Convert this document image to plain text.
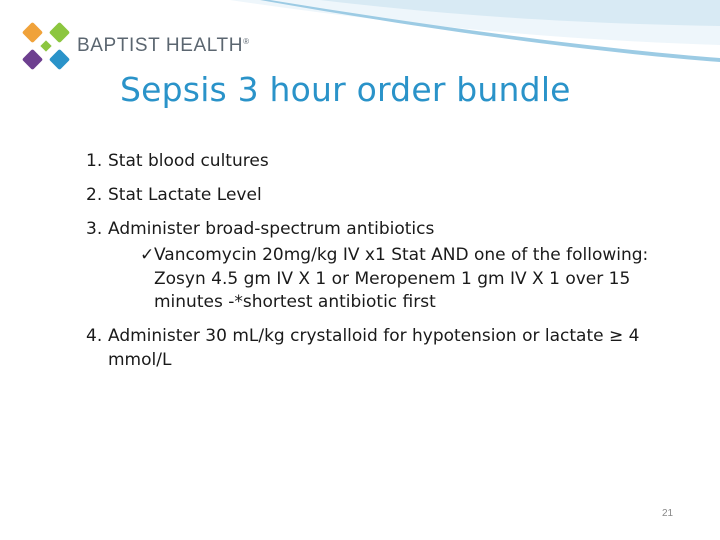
BAPTIST HEALTH®
Sepsis 3 hour order bundle
1. Stat blood cultures
2. Stat Lactate Level
3. Administer broad-spectrum antibiotics
✓Vancomycin 20mg/kg IV x1 Stat AND one of the following: Zosyn 4.5 gm IV X 1 or Meropenem 1 gm IV X 1 over 15 minutes -*shortest antibiotic first
4. Administer 30 mL/kg crystalloid for hypotension or lactate ≥ 4 mmol/L
21
